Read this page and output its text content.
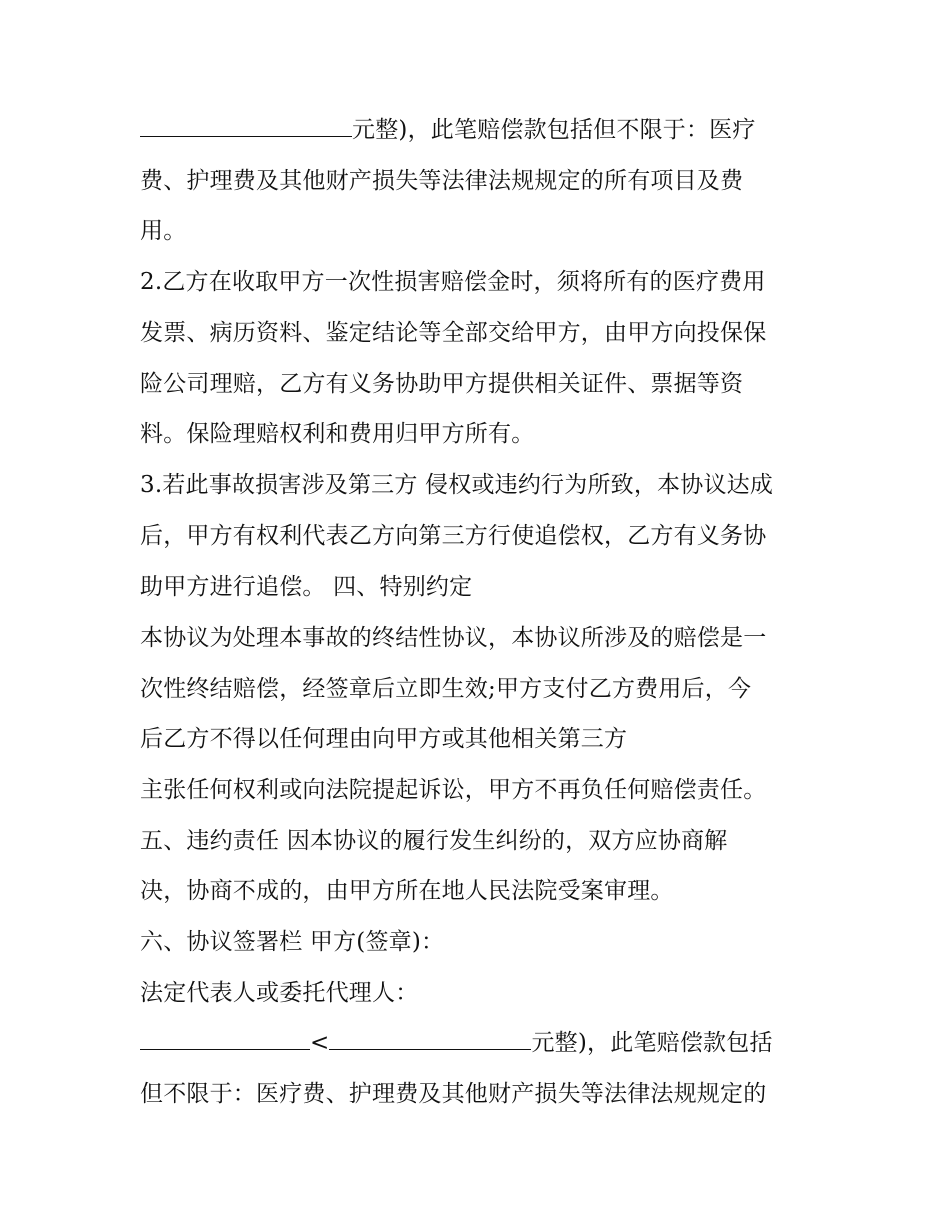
元整)，此笔赔偿款包括但不限于：医疗
费、护理费及其他财产损失等法律法规规定的所有项目及费
用。
2.乙方在收取甲方一次性损害赔偿金时，须将所有的医疗费用
发票、病历资料、鉴定结论等全部交给甲方，由甲方向投保保
险公司理赔，乙方有义务协助甲方提供相关证件、票据等资
料。保险理赔权利和费用归甲方所有。
3.若此事故损害涉及第三方 侵权或违约行为所致，本协议达成
后，甲方有权利代表乙方向第三方行使追偿权，乙方有义务协
助甲方进行追偿。 四、特别约定
本协议为处理本事故的终结性协议，本协议所涉及的赔偿是一
次性终结赔偿，经签章后立即生效;甲方支付乙方费用后，今
后乙方不得以任何理由向甲方或其他相关第三方
主张任何权利或向法院提起诉讼，甲方不再负任何赔偿责任。
五、违约责任 因本协议的履行发生纠纷的，双方应协商解
决，协商不成的，由甲方所在地人民法院受案审理。
六、协议签署栏 甲方(签章)：
法定代表人或委托代理人：
<	元整)，此笔赔偿款包括
但不限于：医疗费、护理费及其他财产损失等法律法规规定的
